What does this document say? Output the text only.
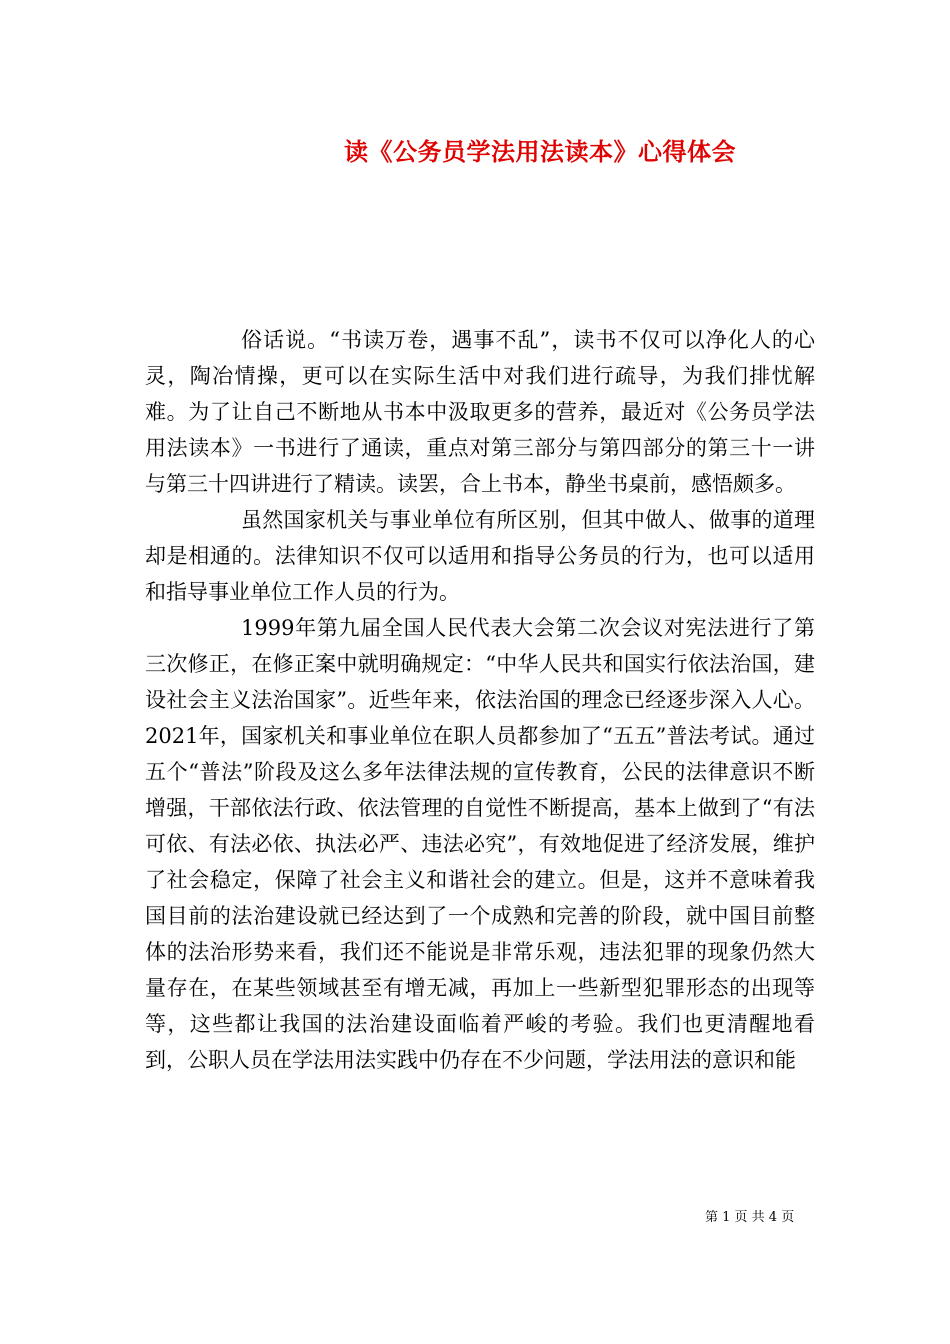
读《公务员学法用法读本》心得体会

俗话说。“书读万卷，遇事不乱”，读书不仅可以净化人的心灵，陶冶情操，更可以在实际生活中对我们进行疏导，为我们排忧解难。为了让自己不断地从书本中汲取更多的营养，最近对《公务员学法用法读本》一书进行了通读，重点对第三部分与第四部分的第三十一讲与第三十四讲进行了精读。读罢，合上书本，静坐书桌前，感悟颇多。

虽然国家机关与事业单位有所区别，但其中做人、做事的道理却是相通的。法律知识不仅可以适用和指导公务员的行为，也可以适用和指导事业单位工作人员的行为。

1999年第九届全国人民代表大会第二次会议对宪法进行了第三次修正，在修正案中就明确规定：“中华人民共和国实行依法治国，建设社会主义法治国家”。近些年来，依法治国的理念已经逐步深入人心。2021年，国家机关和事业单位在职人员都参加了“五五”普法考试。通过五个“普法”阶段及这么多年法律法规的宣传教育，公民的法律意识不断增强，干部依法行政、依法管理的自觉性不断提高，基本上做到了“有法可依、有法必依、执法必严、违法必究”，有效地促进了经济发展，维护了社会稳定，保障了社会主义和谐社会的建立。但是，这并不意味着我国目前的法治建设就已经达到了一个成熟和完善的阶段，就中国目前整体的法治形势来看，我们还不能说是非常乐观，违法犯罪的现象仍然大量存在，在某些领域甚至有增无减，再加上一些新型犯罪形态的出现等等，这些都让我国的法治建设面临着严峻的考验。我们也更清醒地看到，公职人员在学法用法实践中仍存在不少问题，学法用法的意识和能

第 1 页 共 4 页
